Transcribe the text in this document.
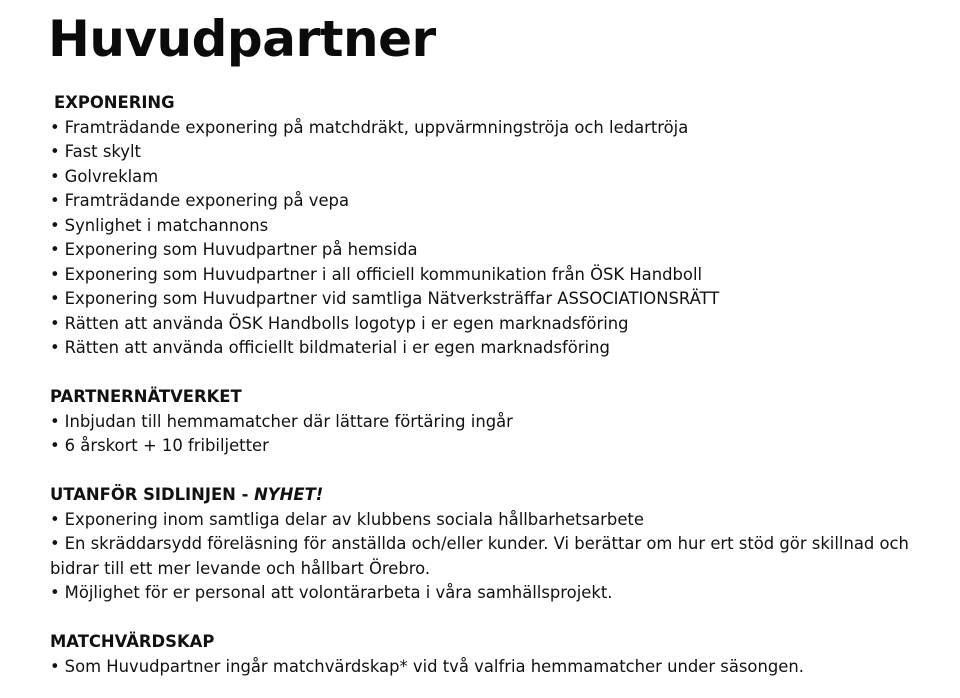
Huvudpartner
EXPONERING
• Framträdande exponering på matchdräkt, uppvärmningströja och ledartröja
• Fast skylt
• Golvreklam
• Framträdande exponering på vepa
• Synlighet i matchannons
• Exponering som Huvudpartner på hemsida
• Exponering som Huvudpartner i all officiell kommunikation från ÖSK Handboll
• Exponering som Huvudpartner vid samtliga Nätverksträffar ASSOCIATIONSRÄTT
• Rätten att använda ÖSK Handbolls logotyp i er egen marknadsföring
• Rätten att använda officiellt bildmaterial i er egen marknadsföring
PARTNERNÄTVERKET
• Inbjudan till hemmamatcher där lättare förtäring ingår
• 6 årskort + 10 fribiljetter
UTANFÖR SIDLINJEN - NYHET!
• Exponering inom samtliga delar av klubbens sociala hållbarhetsarbete
• En skräddarsydd föreläsning för anställda och/eller kunder. Vi berättar om hur ert stöd gör skillnad och bidrar till ett mer levande och hållbart Örebro.
• Möjlighet för er personal att volontärarbeta i våra samhällsprojekt.
MATCHVÄRDSKAP
• Som Huvudpartner ingår matchvärdskap* vid två valfria hemmamatcher under säsongen.
